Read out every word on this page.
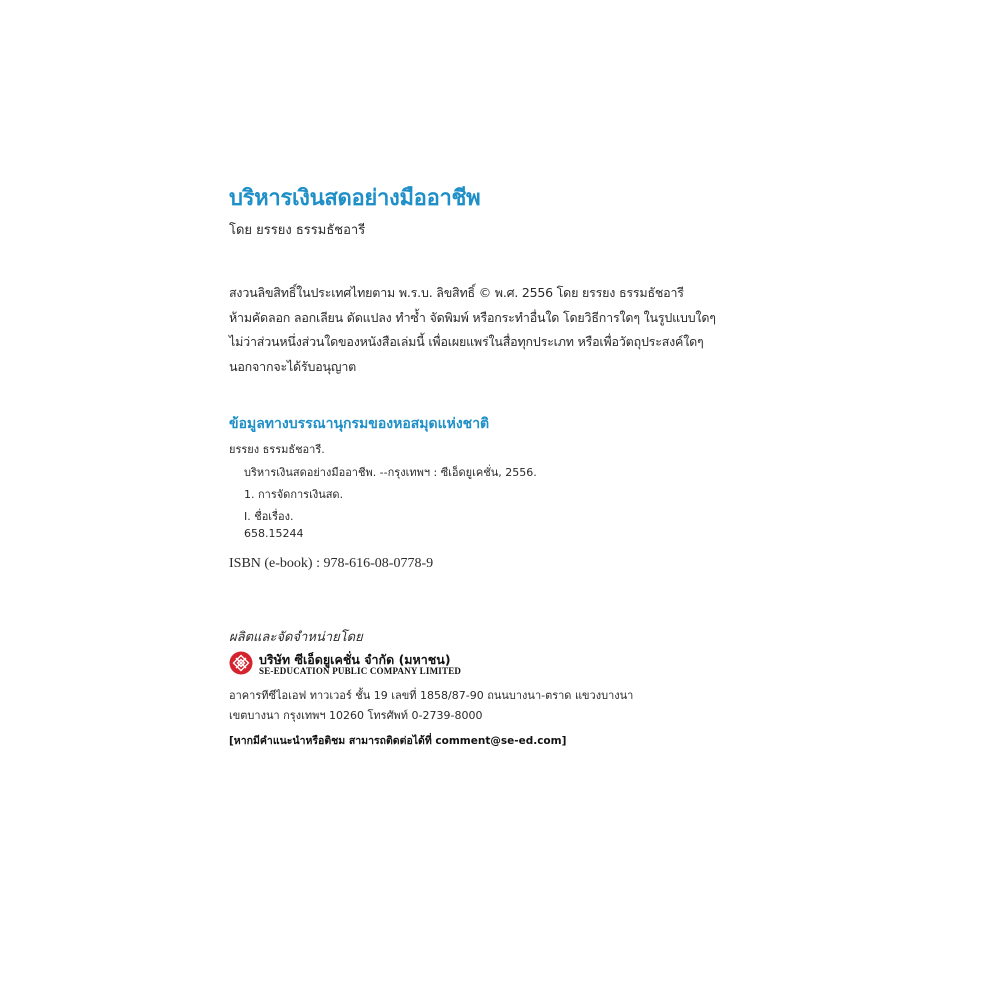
บริหารเงินสดอย่างมืออาชีพ
โดย ยรรยง ธรรมธัชอารี
สงวนลิขสิทธิ์ในประเทศไทยตาม พ.ร.บ. ลิขสิทธิ์ © พ.ศ. 2556 โดย ยรรยง ธรรมธัชอารี
ห้ามคัดลอก ลอกเลียน ดัดแปลง ทำซ้ำ จัดพิมพ์ หรือกระทำอื่นใด โดยวิธีการใดๆ ในรูปแบบใดๆ
ไม่ว่าส่วนหนึ่งส่วนใดของหนังสือเล่มนี้ เพื่อเผยแพร่ในสื่อทุกประเภท หรือเพื่อวัตถุประสงค์ใดๆ
นอกจากจะได้รับอนุญาต
ข้อมูลทางบรรณานุกรมของหอสมุดแห่งชาติ
ยรรยง ธรรมธัชอารี.
บริหารเงินสดอย่างมืออาชีพ. --กรุงเทพฯ : ซีเอ็ดยูเคชั่น, 2556.
1. การจัดการเงินสด.
I. ชื่อเรื่อง.
658.15244
ISBN (e-book) : 978-616-08-0778-9
ผลิตและจัดจำหน่ายโดย
บริษัท ซีเอ็ดยูเคชั่น จำกัด (มหาชน)
SE-EDUCATION PUBLIC COMPANY LIMITED
อาคารทีซีไอเอฟ ทาวเวอร์ ชั้น 19 เลขที่ 1858/87-90 ถนนบางนา-ตราด แขวงบางนา
เขตบางนา กรุงเทพฯ 10260 โทรศัพท์ 0-2739-8000
[หากมีคำแนะนำหรือติชม สามารถติดต่อได้ที่ comment@se-ed.com]
